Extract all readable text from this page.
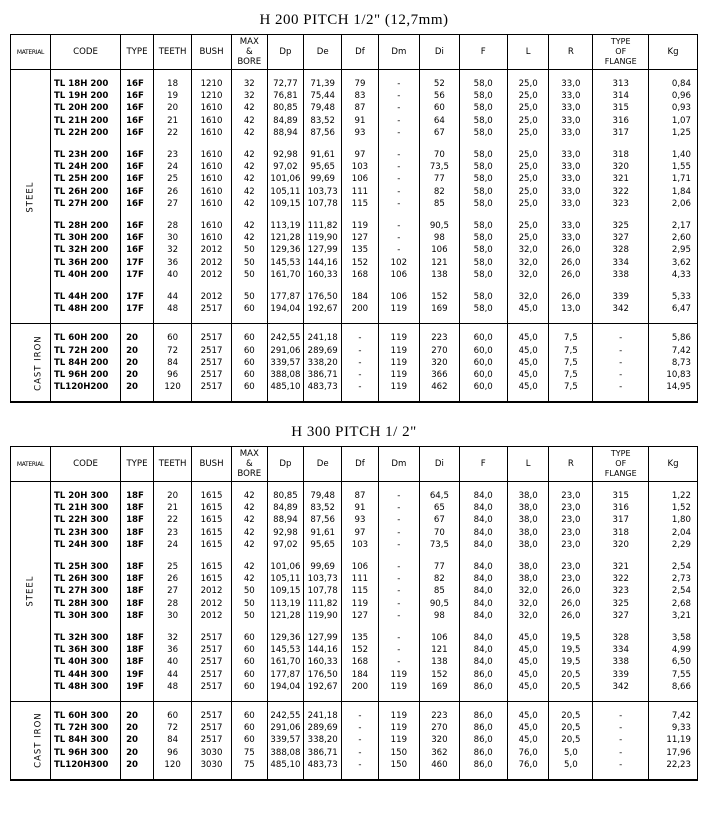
H 200 PITCH 1/2" (12,7mm)
MATERIAL	CODE	TYPE	TEETH	BUSH	MAX
&
BORE	Dp	De	Df	Dm	Di	F	L	R	TYPE
OF
FLANGE	Kg
STEEL															
	TL 18H 200	16F	18	1210	32	72,77	71,39	79	-	52	58,0	25,0	33,0	313	0,84
	TL 19H 200	16F	19	1210	32	76,81	75,44	83	-	56	58,0	25,0	33,0	314	0,96
	TL 20H 200	16F	20	1610	42	80,85	79,48	87	-	60	58,0	25,0	33,0	315	0,93
	TL 21H 200	16F	21	1610	42	84,89	83,52	91	-	64	58,0	25,0	33,0	316	1,07
	TL 22H 200	16F	22	1610	42	88,94	87,56	93	-	67	58,0	25,0	33,0	317	1,25

	TL 23H 200	16F	23	1610	42	92,98	91,61	97	-	70	58,0	25,0	33,0	318	1,40
	TL 24H 200	16F	24	1610	42	97,02	95,65	103	-	73,5	58,0	25,0	33,0	320	1,55
	TL 25H 200	16F	25	1610	42	101,06	99,69	106	-	77	58,0	25,0	33,0	321	1,71
	TL 26H 200	16F	26	1610	42	105,11	103,73	111	-	82	58,0	25,0	33,0	322	1,84
	TL 27H 200	16F	27	1610	42	109,15	107,78	115	-	85	58,0	25,0	33,0	323	2,06

	TL 28H 200	16F	28	1610	42	113,19	111,82	119	-	90,5	58,0	25,0	33,0	325	2,17
	TL 30H 200	16F	30	1610	42	121,28	119,90	127	-	98	58,0	25,0	33,0	327	2,60
	TL 32H 200	16F	32	2012	50	129,36	127,99	135	-	106	58,0	32,0	26,0	328	2,95
	TL 36H 200	17F	36	2012	50	145,53	144,16	152	102	121	58,0	32,0	26,0	334	3,62
	TL 40H 200	17F	40	2012	50	161,70	160,33	168	106	138	58,0	32,0	26,0	338	4,33

	TL 44H 200	17F	44	2012	50	177,87	176,50	184	106	152	58,0	32,0	26,0	339	5,33
	TL 48H 200	17F	48	2517	60	194,04	192,67	200	119	169	58,0	45,0	13,0	342	6,47

CAST IRON															
	TL 60H 200	20	60	2517	60	242,55	241,18	-	119	223	60,0	45,0	7,5	-	5,86
	TL 72H 200	20	72	2517	60	291,06	289,69	-	119	270	60,0	45,0	7,5	-	7,42
	TL 84H 200	20	84	2517	60	339,57	338,20	-	119	320	60,0	45,0	7,5	-	8,73
	TL 96H 200	20	96	2517	60	388,08	386,71	-	119	366	60,0	45,0	7,5	-	10,83
	TL120H200	20	120	2517	60	485,10	483,73	-	119	462	60,0	45,0	7,5	-	14,95

H 300 PITCH 1/ 2"
MATERIAL	CODE	TYPE	TEETH	BUSH	MAX
&
BORE	Dp	De	Df	Dm	Di	F	L	R	TYPE
OF
FLANGE	Kg
STEEL															
	TL 20H 300	18F	20	1615	42	80,85	79,48	87	-	64,5	84,0	38,0	23,0	315	1,22
	TL 21H 300	18F	21	1615	42	84,89	83,52	91	-	65	84,0	38,0	23,0	316	1,52
	TL 22H 300	18F	22	1615	42	88,94	87,56	93	-	67	84,0	38,0	23,0	317	1,80
	TL 23H 300	18F	23	1615	42	92,98	91,61	97	-	70	84,0	38,0	23,0	318	2,04
	TL 24H 300	18F	24	1615	42	97,02	95,65	103	-	73,5	84,0	38,0	23,0	320	2,29

	TL 25H 300	18F	25	1615	42	101,06	99,69	106	-	77	84,0	38,0	23,0	321	2,54
	TL 26H 300	18F	26	1615	42	105,11	103,73	111	-	82	84,0	38,0	23,0	322	2,73
	TL 27H 300	18F	27	2012	50	109,15	107,78	115	-	85	84,0	32,0	26,0	323	2,54
	TL 28H 300	18F	28	2012	50	113,19	111,82	119	-	90,5	84,0	32,0	26,0	325	2,68
	TL 30H 300	18F	30	2012	50	121,28	119,90	127	-	98	84,0	32,0	26,0	327	3,21

	TL 32H 300	18F	32	2517	60	129,36	127,99	135	-	106	84,0	45,0	19,5	328	3,58
	TL 36H 300	18F	36	2517	60	145,53	144,16	152	-	121	84,0	45,0	19,5	334	4,99
	TL 40H 300	18F	40	2517	60	161,70	160,33	168	-	138	84,0	45,0	19,5	338	6,50
	TL 44H 300	19F	44	2517	60	177,87	176,50	184	119	152	86,0	45,0	20,5	339	7,55
	TL 48H 300	19F	48	2517	60	194,04	192,67	200	119	169	86,0	45,0	20,5	342	8,66

CAST IRON															
	TL 60H 300	20	60	2517	60	242,55	241,18	-	119	223	86,0	45,0	20,5	-	7,42
	TL 72H 300	20	72	2517	60	291,06	289,69	-	119	270	86,0	45,0	20,5	-	9,33
	TL 84H 300	20	84	2517	60	339,57	338,20	-	119	320	86,0	45,0	20,5	-	11,19
	TL 96H 300	20	96	3030	75	388,08	386,71	-	150	362	86,0	76,0	5,0	-	17,96
	TL120H300	20	120	3030	75	485,10	483,73	-	150	460	86,0	76,0	5,0	-	22,23
